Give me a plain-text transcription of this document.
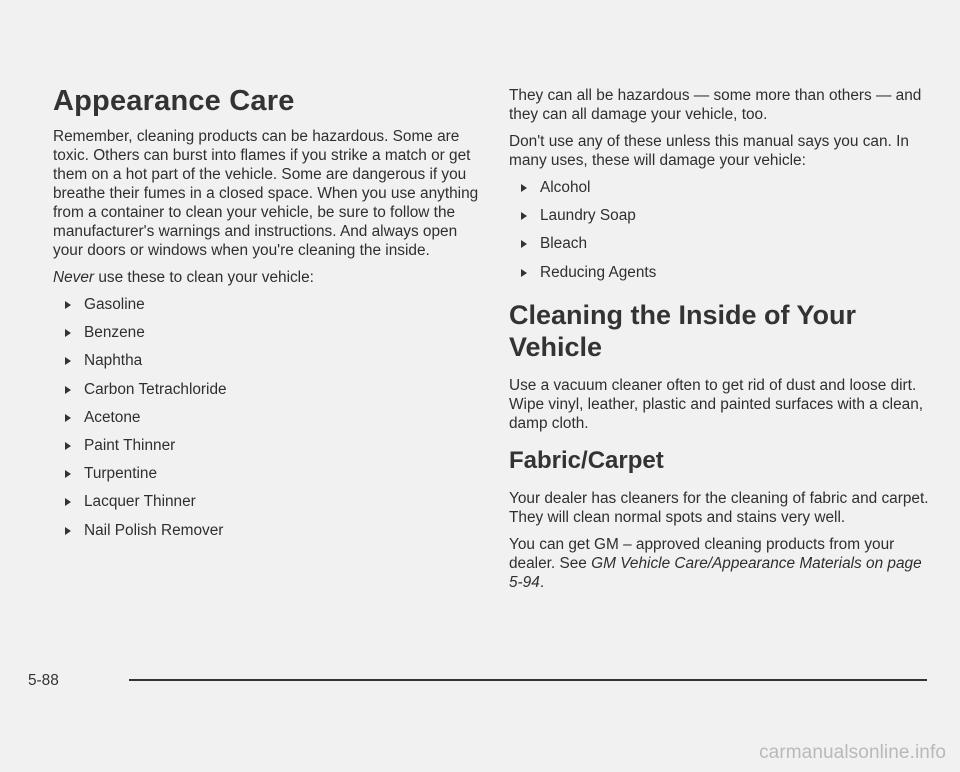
Appearance Care

Remember, cleaning products can be hazardous. Some are toxic. Others can burst into flames if you strike a match or get them on a hot part of the vehicle. Some are dangerous if you breathe their fumes in a closed space. When you use anything from a container to clean your vehicle, be sure to follow the manufacturer's warnings and instructions. And always open your doors or windows when you're cleaning the inside.

Never use these to clean your vehicle:

Gasoline
Benzene
Naphtha
Carbon Tetrachloride
Acetone
Paint Thinner
Turpentine
Lacquer Thinner
Nail Polish Remover

They can all be hazardous — some more than others — and they can all damage your vehicle, too.

Don't use any of these unless this manual says you can. In many uses, these will damage your vehicle:

Alcohol
Laundry Soap
Bleach
Reducing Agents
Cleaning the Inside of Your Vehicle

Use a vacuum cleaner often to get rid of dust and loose dirt. Wipe vinyl, leather, plastic and painted surfaces with a clean, damp cloth.

Fabric/Carpet

Your dealer has cleaners for the cleaning of fabric and carpet. They will clean normal spots and stains very well.

You can get GM – approved cleaning products from your dealer. See GM Vehicle Care/Appearance Materials on page 5-94.

5-88
carmanualsonline.info
